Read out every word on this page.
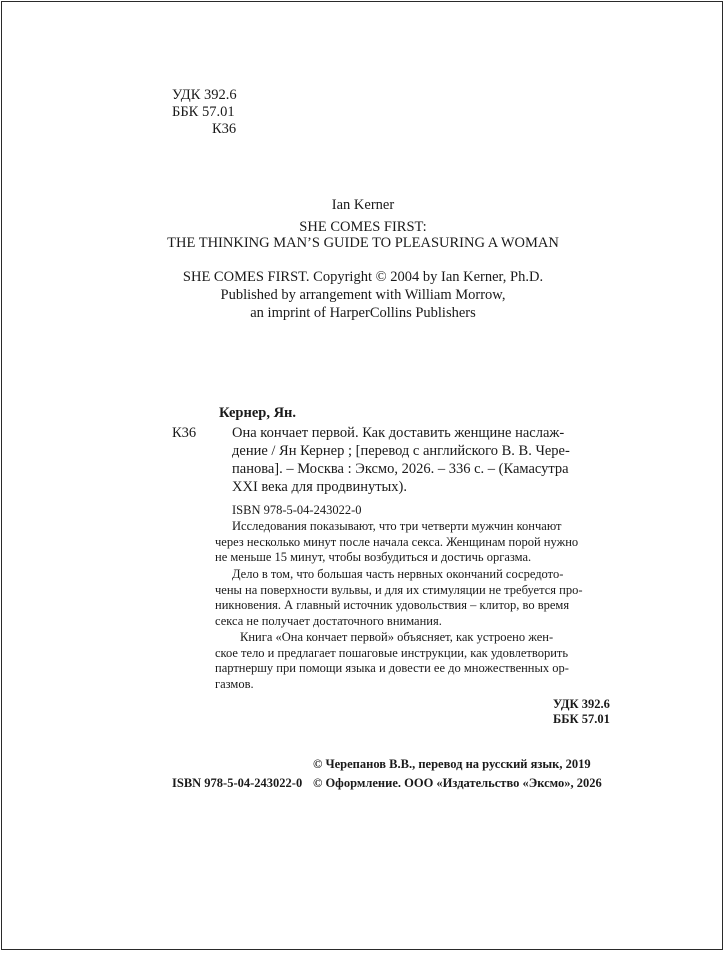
УДК 392.6
ББК 57.01
К36
Ian Kerner
SHE COMES FIRST:
THE THINKING MAN’S GUIDE TO PLEASURING A WOMAN
SHE COMES FIRST. Copyright © 2004 by Ian Kerner, Ph.D.
Published by arrangement with William Morrow,
an imprint of HarperCollins Publishers
Кернер, Ян.
К36 Она кончает первой. Как доставить женщине наслаж-
дение / Ян Кернер ; [перевод с английского В. В. Чере-
панова]. – Москва : Эксмо, 2026. – 336 с. – (Камасутра
XXI века для продвинутых).
ISBN 978-5-04-243022-0
Исследования показывают, что три четверти мужчин кончают
через несколько минут после начала секса. Женщинам порой нужно
не меньше 15 минут, чтобы возбудиться и достичь оргазма.
Дело в том, что большая часть нервных окончаний сосредото-
чены на поверхности вульвы, и для их стимуляции не требуется про-
никновения. А главный источник удовольствия – клитор, во время
секса не получает достаточного внимания.
Книга «Она кончает первой» объясняет, как устроено жен-
ское тело и предлагает пошаговые инструкции, как удовлетворить
партнершу при помощи языка и довести ее до множественных ор-
газмов.
УДК 392.6
ББК 57.01
© Черепанов В.В., перевод на русский язык, 2019
ISBN 978-5-04-243022-0 © Оформление. ООО «Издательство «Эксмо», 2026
